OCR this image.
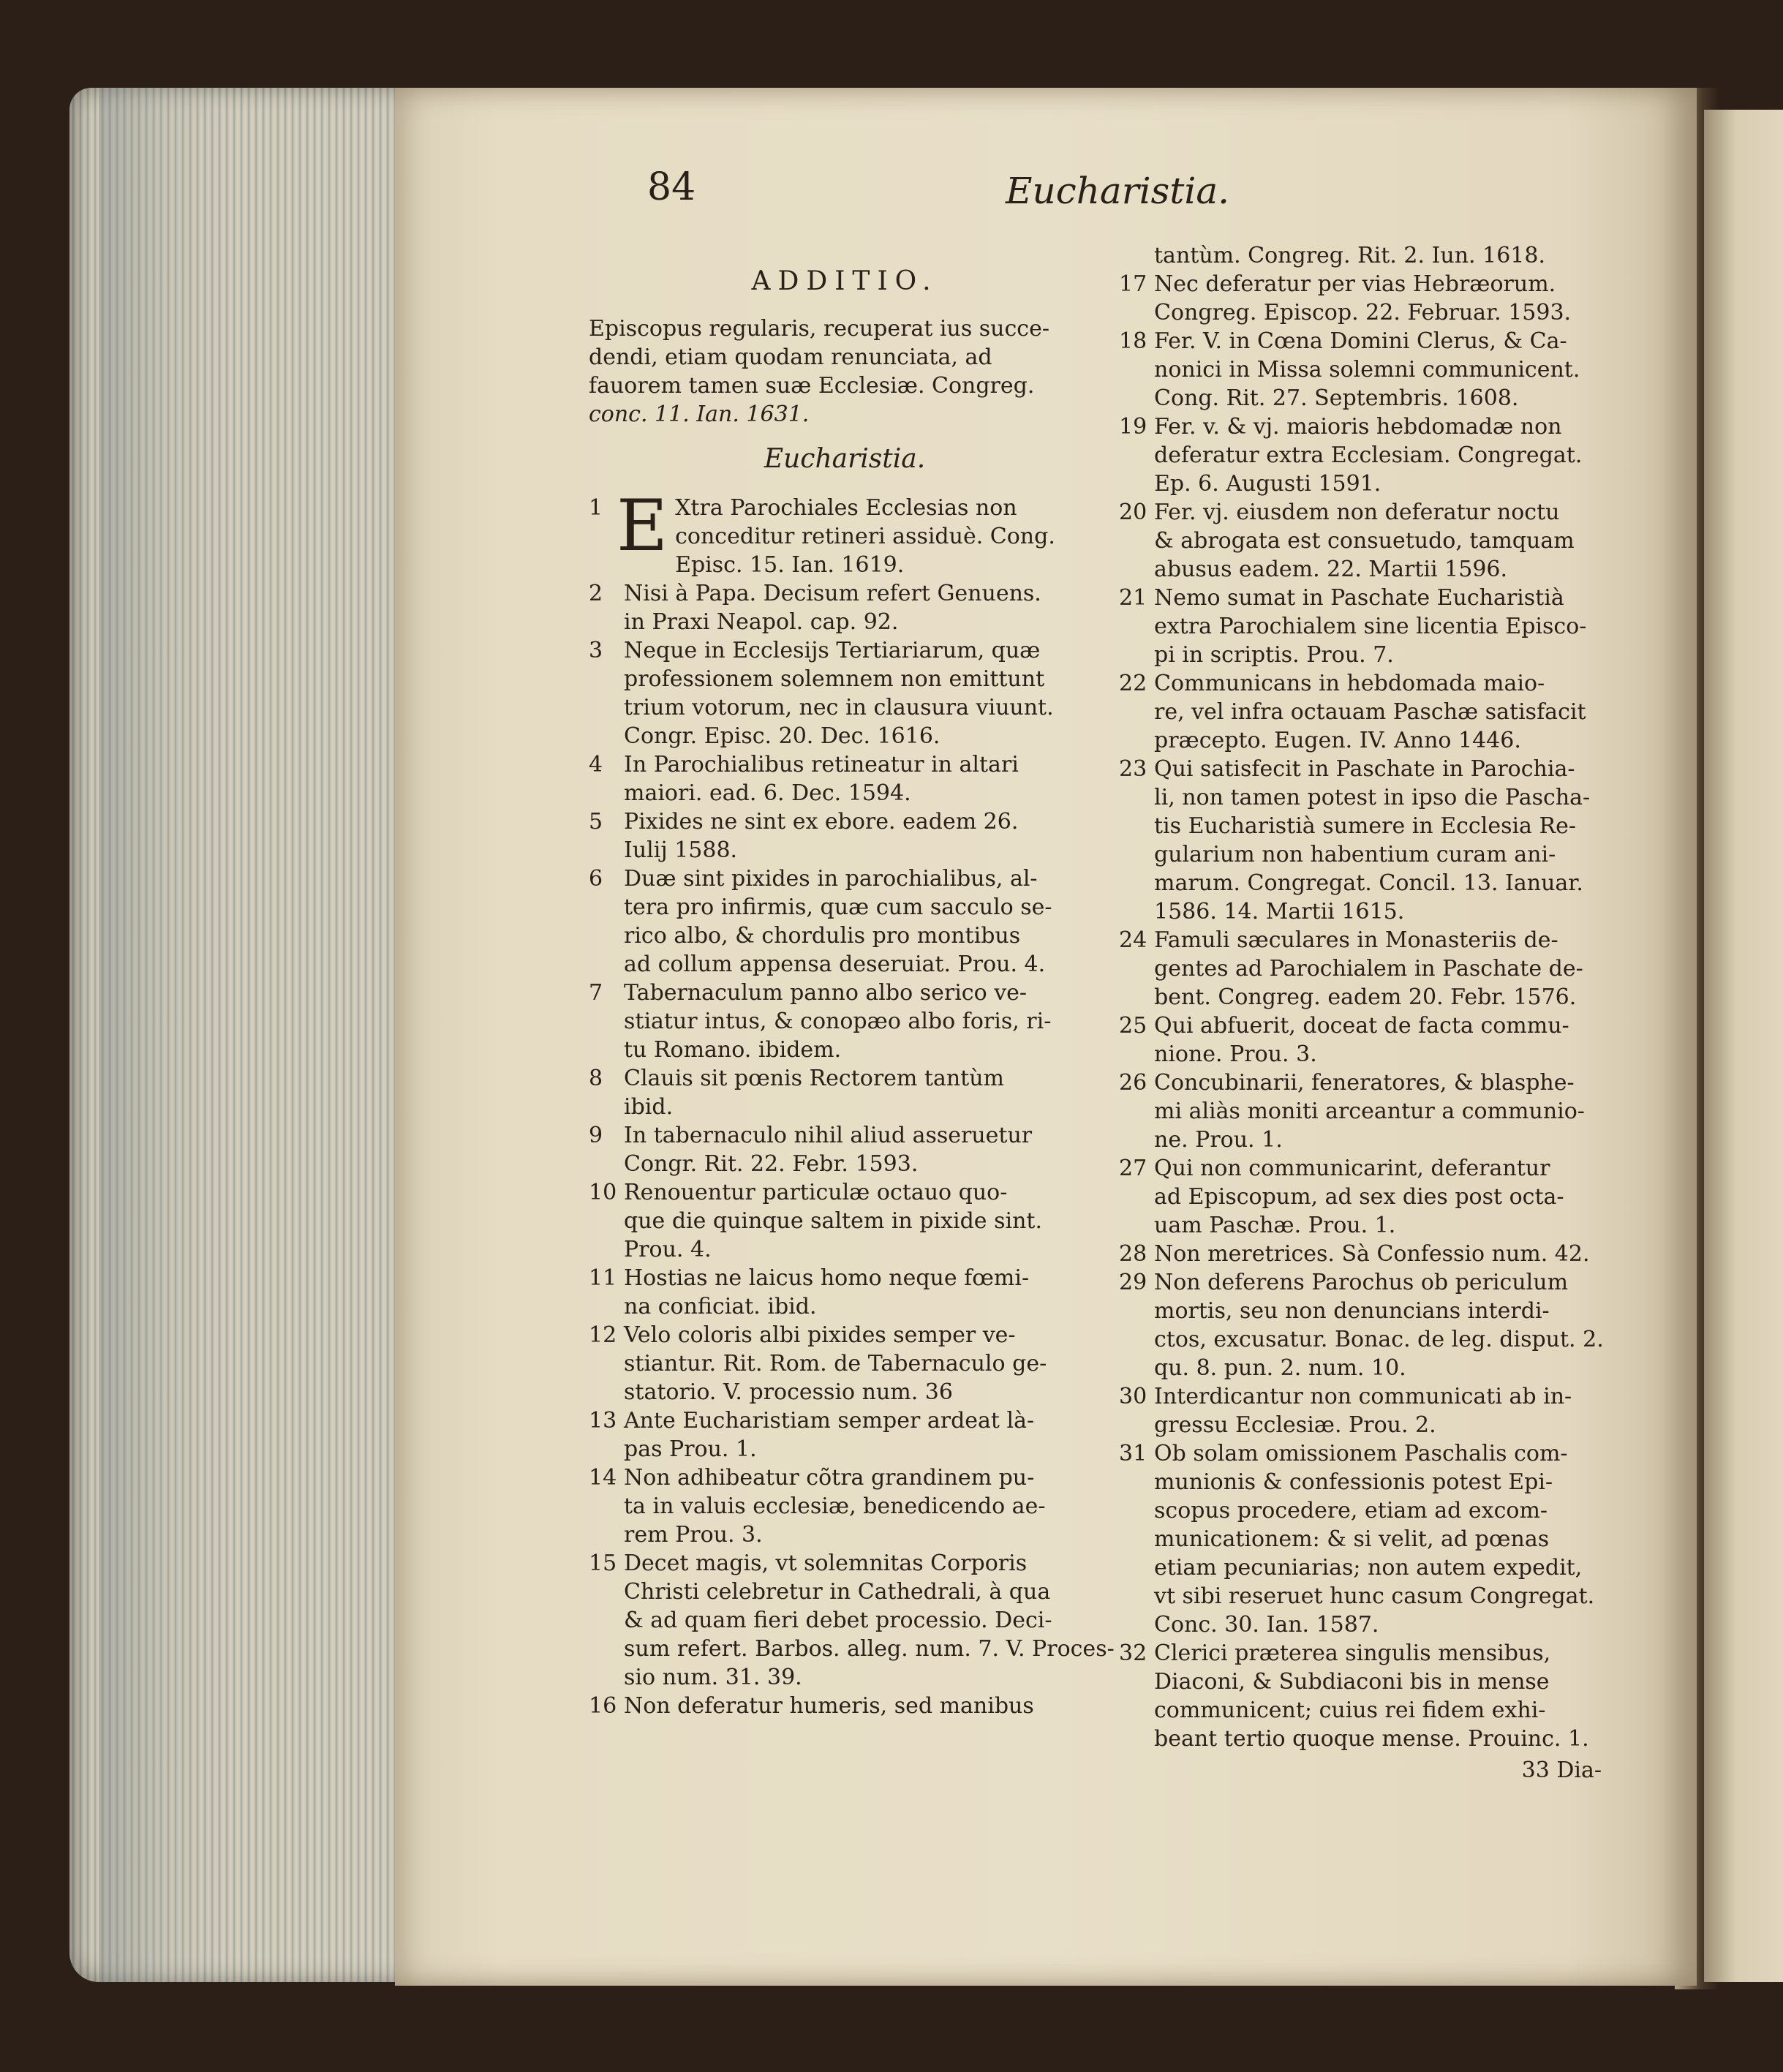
84	Eucharistia.
ADDITIO.
Episcopus regularis, recuperat ius succe-
dendi, etiam quodam renunciata, ad
fauorem tamen suæ Ecclesiæ. Congreg.
conc. 11. Ian. 1631.
Eucharistia.
1 E Xtra Parochiales Ecclesias non
conceditur retineri assiduè. Cong.
Episc. 15. Ian. 1619.
2 Nisi à Papa. Decisum refert Genuens.
in Praxi Neapol. cap. 92.
3 Neque in Ecclesijs Tertiariarum, quæ
professionem solemnem non emittunt
trium votorum, nec in clausura viuunt.
Congr. Episc. 20. Dec. 1616.
4 In Parochialibus retineatur in altari
maiori. ead. 6. Dec. 1594.
5 Pixides ne sint ex ebore. eadem 26.
Iulij 1588.
6 Duæ sint pixides in parochialibus, al-
tera pro infirmis, quæ cum sacculo se-
rico albo, & chordulis pro montibus
ad collum appensa deseruiat. Prou. 4.
7 Tabernaculum panno albo serico ve-
stiatur intus, & conopæo albo foris, ri-
tu Romano. ibidem.
8 Clauis sit pœnis Rectorem tantùm
ibid.
9 In tabernaculo nihil aliud asseruetur
Congr. Rit. 22. Febr. 1593.
10 Renouentur particulæ octauo quo-
que die quinque saltem in pixide sint.
Prou. 4.
11 Hostias ne laicus homo neque fœmi-
na conficiat. ibid.
12 Velo coloris albi pixides semper ve-
stiantur. Rit. Rom. de Tabernaculo ge-
statorio. V. processio num. 36
13 Ante Eucharistiam semper ardeat là-
pas Prou. 1.
14 Non adhibeatur cõtra grandinem pu-
ta in valuis ecclesiæ, benedicendo ae-
rem Prou. 3.
15 Decet magis, vt solemnitas Corporis
Christi celebretur in Cathedrali, à qua
& ad quam fieri debet processio. Deci-
sum refert. Barbos. alleg. num. 7. V. Proces-
sio num. 31. 39.
16 Non deferatur humeris, sed manibus
tantùm. Congreg. Rit. 2. Iun. 1618.
17 Nec deferatur per vias Hebræorum.
Congreg. Episcop. 22. Februar. 1593.
18 Fer. V. in Cœna Domini Clerus, & Ca-
nonici in Missa solemni communicent.
Cong. Rit. 27. Septembris. 1608.
19 Fer. v. & vj. maioris hebdomadæ non
deferatur extra Ecclesiam. Congregat.
Ep. 6. Augusti 1591.
20 Fer. vj. eiusdem non deferatur noctu
& abrogata est consuetudo, tamquam
abusus eadem. 22. Martii 1596.
21 Nemo sumat in Paschate Eucharistià
extra Parochialem sine licentia Episco-
pi in scriptis. Prou. 7.
22 Communicans in hebdomada maio-
re, vel infra octauam Paschæ satisfacit
præcepto. Eugen. IV. Anno 1446.
23 Qui satisfecit in Paschate in Parochia-
li, non tamen potest in ipso die Pascha-
tis Eucharistià sumere in Ecclesia Re-
gularium non habentium curam ani-
marum. Congregat. Concil. 13. Ianuar.
1586. 14. Martii 1615.
24 Famuli sæculares in Monasteriis de-
gentes ad Parochialem in Paschate de-
bent. Congreg. eadem 20. Febr. 1576.
25 Qui abfuerit, doceat de facta commu-
nione. Prou. 3.
26 Concubinarii, feneratores, & blasphe-
mi aliàs moniti arceantur a communio-
ne. Prou. 1.
27 Qui non communicarint, deferantur
ad Episcopum, ad sex dies post octa-
uam Paschæ. Prou. 1.
28 Non meretrices. Sà Confessio num. 42.
29 Non deferens Parochus ob periculum
mortis, seu non denuncians interdi-
ctos, excusatur. Bonac. de leg. disput. 2.
qu. 8. pun. 2. num. 10.
30 Interdicantur non communicati ab in-
gressu Ecclesiæ. Prou. 2.
31 Ob solam omissionem Paschalis com-
munionis & confessionis potest Epi-
scopus procedere, etiam ad excom-
municationem: & si velit, ad pœnas
etiam pecuniarias; non autem expedit,
vt sibi reseruet hunc casum Congregat.
Conc. 30. Ian. 1587.
32 Clerici præterea singulis mensibus,
Diaconi, & Subdiaconi bis in mense
communicent; cuius rei fidem exhi-
beant tertio quoque mense. Prouinc. 1.
33 Dia-
